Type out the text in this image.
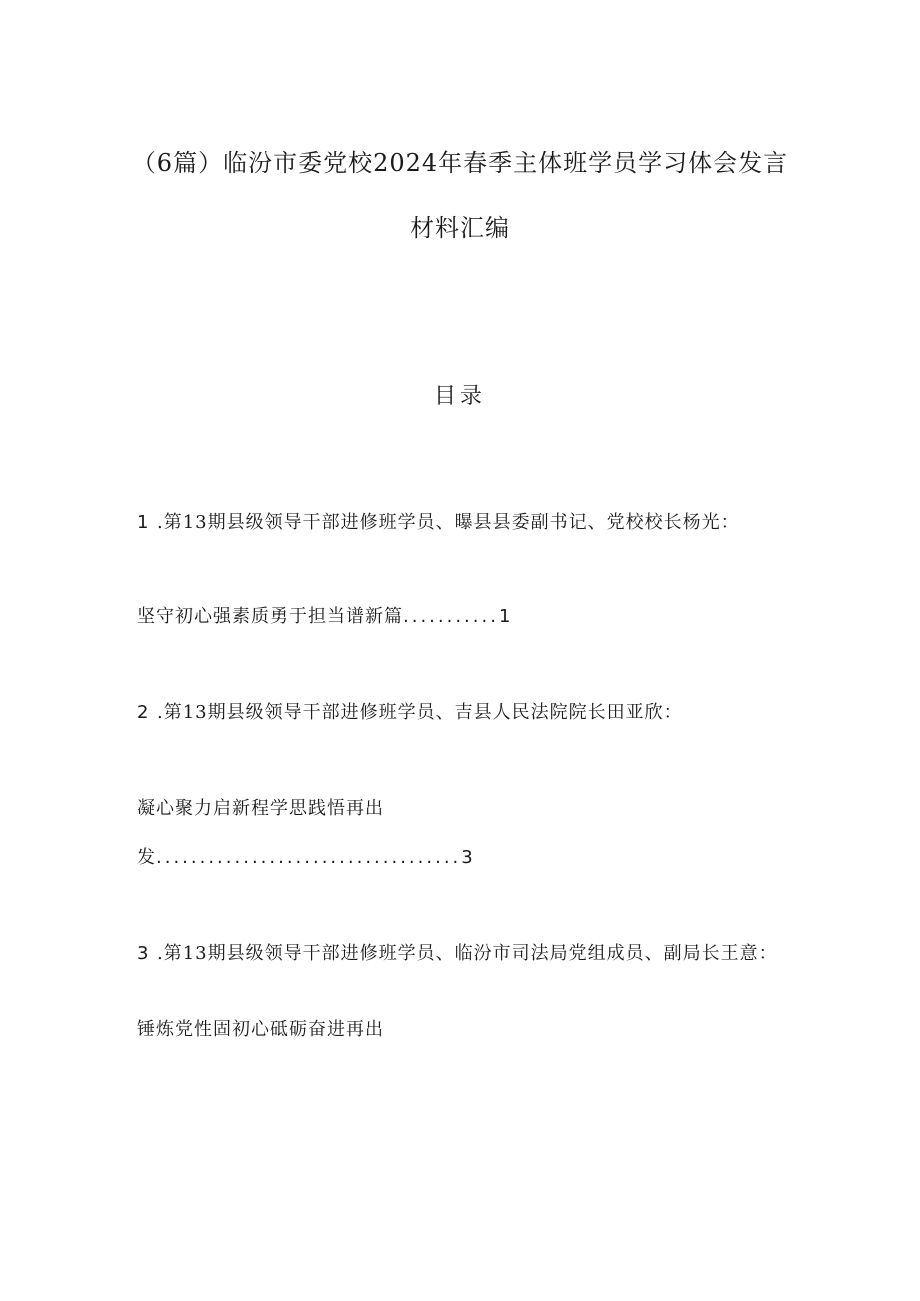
（6篇）临汾市委党校2024年春季主体班学员学习体会发言
材料汇编
目录
1 .第13期县级领导干部进修班学员、曝县县委副书记、党校校长杨光：
坚守初心强素质勇于担当谱新篇...........1
2 .第13期县级领导干部进修班学员、吉县人民法院院长田亚欣：
凝心聚力启新程学思践悟再出
发...................................3
3 .第13期县级领导干部进修班学员、临汾市司法局党组成员、副局长王意：
锤炼党性固初心砥砺奋进再出
